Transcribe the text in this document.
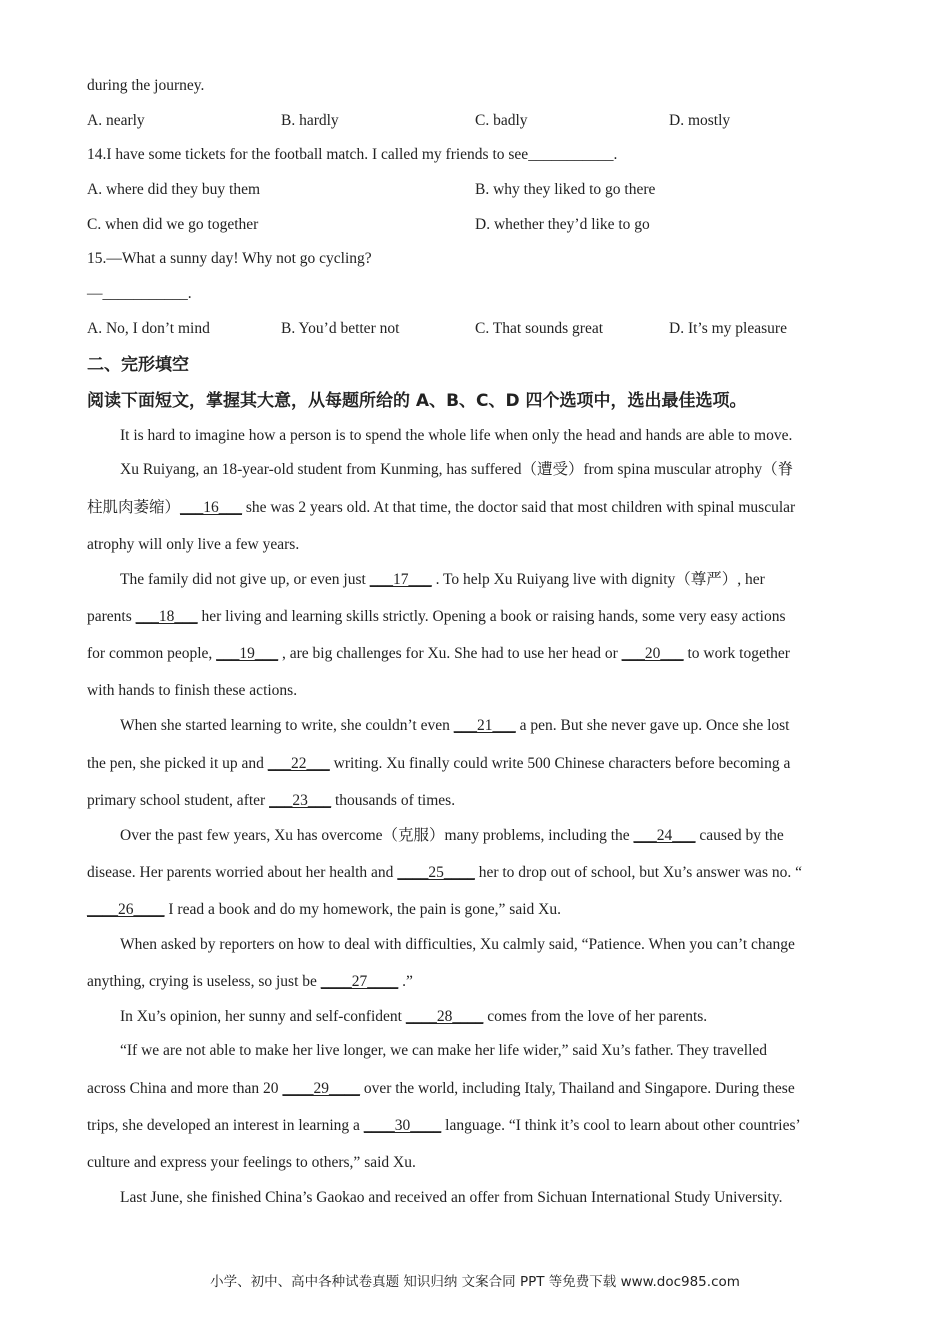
during the journey.
A. nearly	B. hardly	C. badly	D. mostly
14.I have some tickets for the football match. I called my friends to see___________.
A. where did they buy them	B. why they liked to go there
C. when did we go together	D. whether they’d like to go
15.—What a sunny day! Why not go cycling?
—___________.
A. No, I don’t mind	B. You’d better not	C. That sounds great	D. It’s my pleasure
二、完形填空
阅读下面短文，掌握其大意，从每题所给的 A、B、C、D 四个选项中，选出最佳选项。
It is hard to imagine how a person is to spend the whole life when only the head and hands are able to move.
Xu Ruiyang, an 18-year-old student from Kunming, has suffered（遭受）from spina muscular atrophy（脊
柱肌肉萎缩）___16___ she was 2 years old. At that time, the doctor said that most children with spinal muscular
atrophy will only live a few years.
The family did not give up, or even just ___17___ . To help Xu Ruiyang live with dignity（尊严）, her
parents ___18___ her living and learning skills strictly. Opening a book or raising hands, some very easy actions
for common people, ___19___ , are big challenges for Xu. She had to use her head or ___20___ to work together
with hands to finish these actions.
When she started learning to write, she couldn’t even ___21___ a pen. But she never gave up. Once she lost
the pen, she picked it up and ___22___ writing. Xu finally could write 500 Chinese characters before becoming a
primary school student, after ___23___ thousands of times.
Over the past few years, Xu has overcome（克服）many problems, including the ___24___ caused by the
disease. Her parents worried about her health and ____25____ her to drop out of school, but Xu’s answer was no. “
____26____ I read a book and do my homework, the pain is gone,” said Xu.
When asked by reporters on how to deal with difficulties, Xu calmly said, “Patience. When you can’t change
anything, crying is useless, so just be ____27____ .”
In Xu’s opinion, her sunny and self-confident ____28____ comes from the love of her parents.
“If we are not able to make her live longer, we can make her life wider,” said Xu’s father. They travelled
across China and more than 20 ____29____ over the world, including Italy, Thailand and Singapore. During these
trips, she developed an interest in learning a ____30____ language. “I think it’s cool to learn about other countries’
culture and express your feelings to others,” said Xu.
Last June, she finished China’s Gaokao and received an offer from Sichuan International Study University.
小学、初中、高中各种试卷真题 知识归纳 文案合同 PPT 等免费下载 www.doc985.com
